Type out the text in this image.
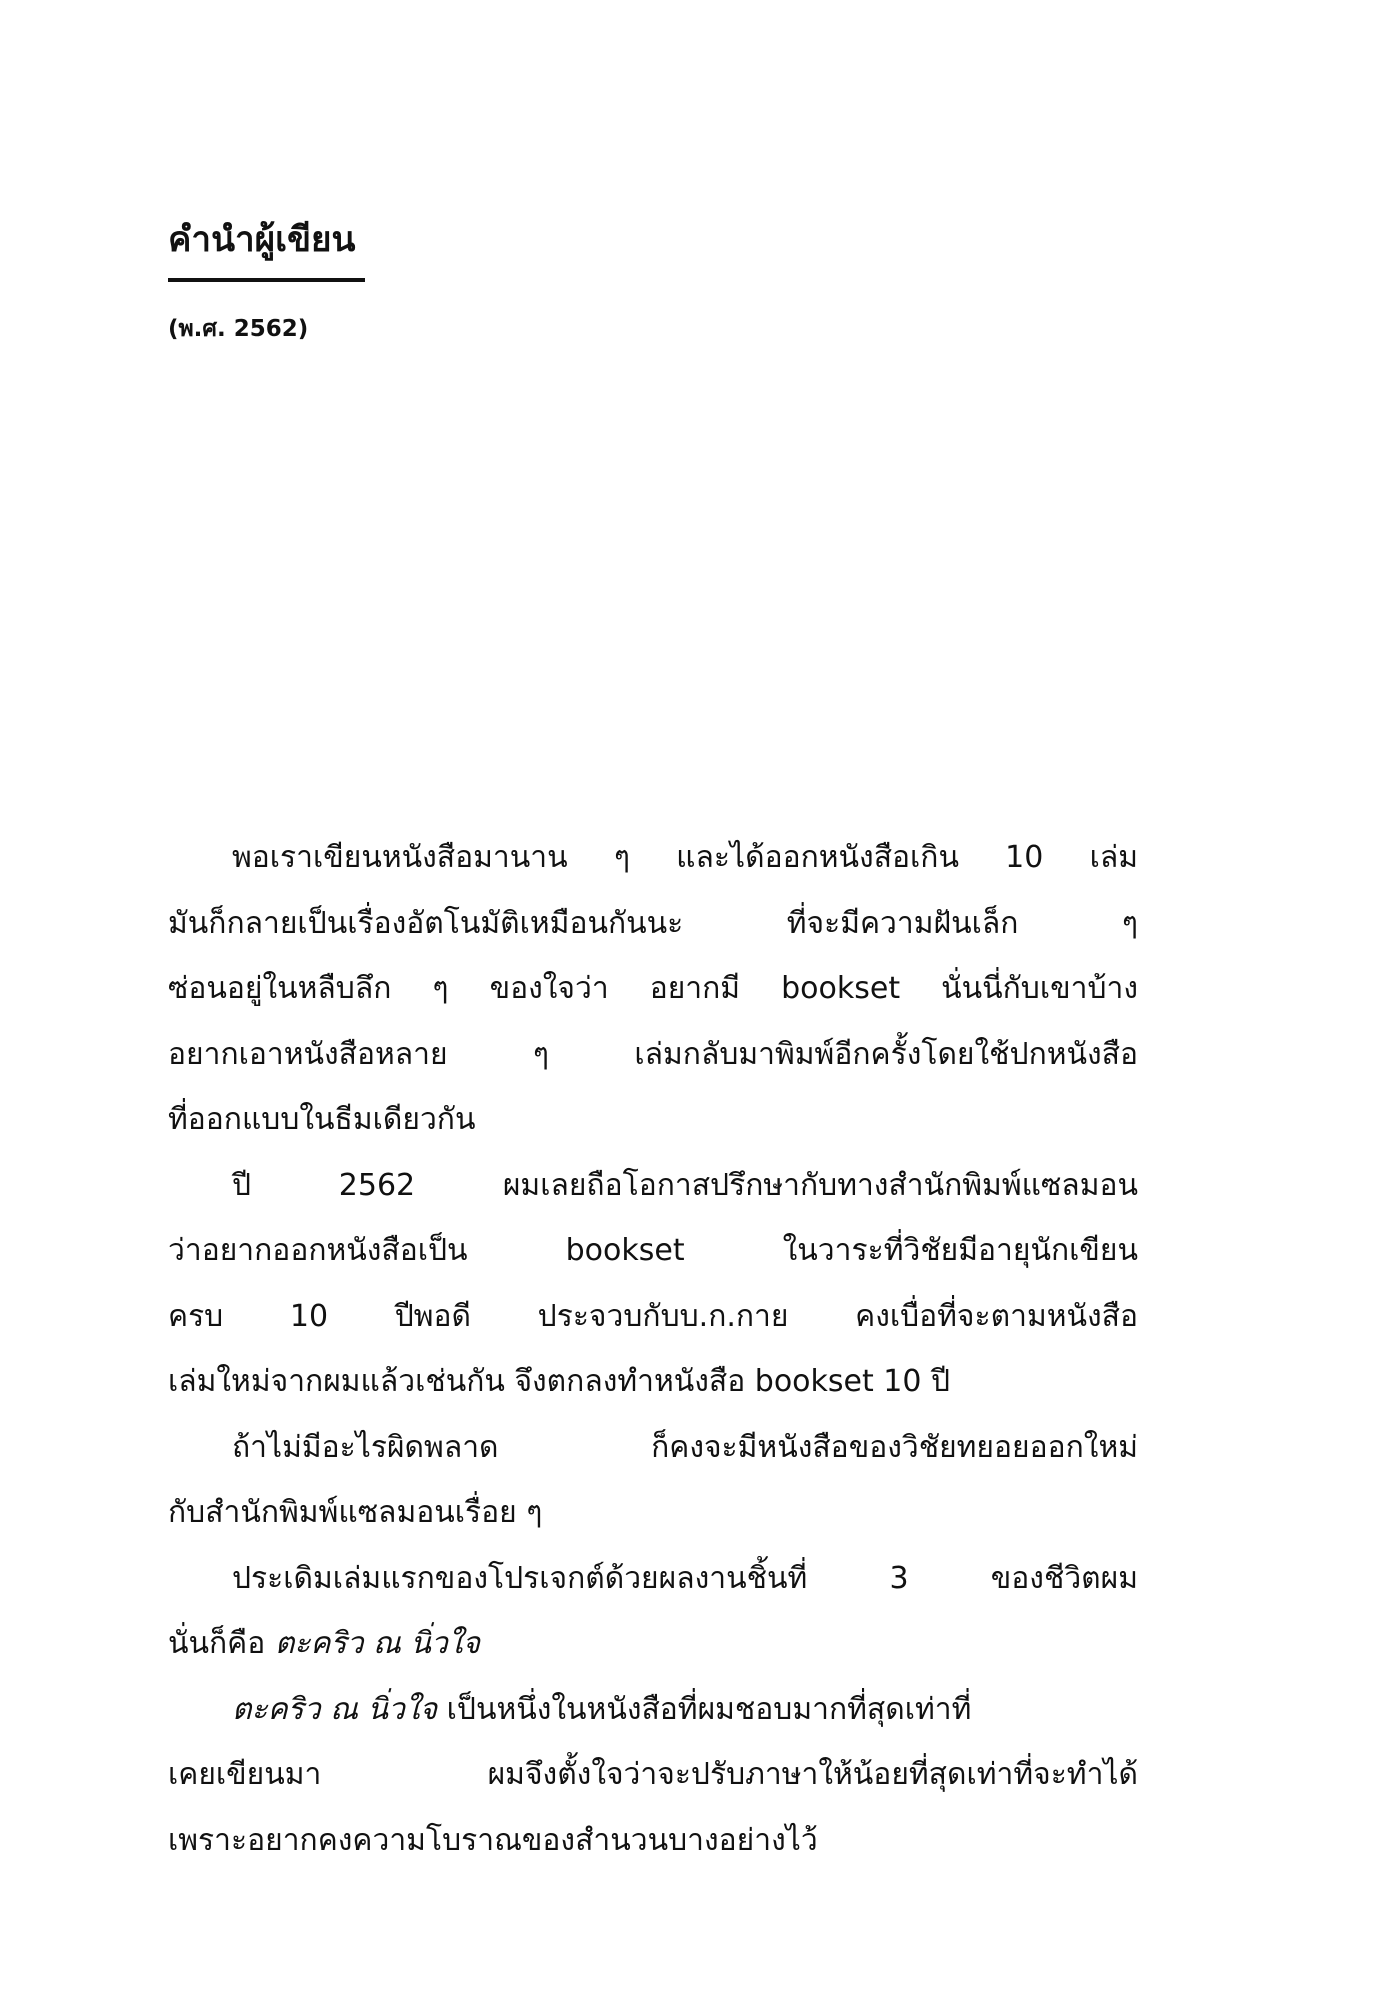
คำนำผู้เขียน
(พ.ศ. 2562)
พอเราเขียนหนังสือมานาน ๆ และได้ออกหนังสือเกิน 10 เล่ม
มันก็กลายเป็นเรื่องอัตโนมัติเหมือนกันนะ ที่จะมีความฝันเล็ก ๆ
ซ่อนอยู่ในหลืบลึก ๆ ของใจว่า อยากมี bookset นั่นนี่กับเขาบ้าง
อยากเอาหนังสือหลาย ๆ เล่มกลับมาพิมพ์อีกครั้งโดยใช้ปกหนังสือ
ที่ออกแบบในธีมเดียวกัน
ปี 2562 ผมเลยถือโอกาสปรึกษากับทางสำนักพิมพ์แซลมอน
ว่าอยากออกหนังสือเป็น bookset ในวาระที่วิชัยมีอายุนักเขียน
ครบ 10 ปีพอดี ประจวบกับบ.ก.กาย คงเบื่อที่จะตามหนังสือ
เล่มใหม่จากผมแล้วเช่นกัน จึงตกลงทำหนังสือ bookset 10 ปี
ถ้าไม่มีอะไรผิดพลาด ก็คงจะมีหนังสือของวิชัยทยอยออกใหม่
กับสำนักพิมพ์แซลมอนเรื่อย ๆ
ประเดิมเล่มแรกของโปรเจกต์ด้วยผลงานชิ้นที่ 3 ของชีวิตผม
นั่นก็คือ ตะคริว ณ นิ่วใจ
ตะคริว ณ นิ่วใจ เป็นหนึ่งในหนังสือที่ผมชอบมากที่สุดเท่าที่
เคยเขียนมา ผมจึงตั้งใจว่าจะปรับภาษาให้น้อยที่สุดเท่าที่จะทำได้
เพราะอยากคงความโบราณของสำนวนบางอย่างไว้
